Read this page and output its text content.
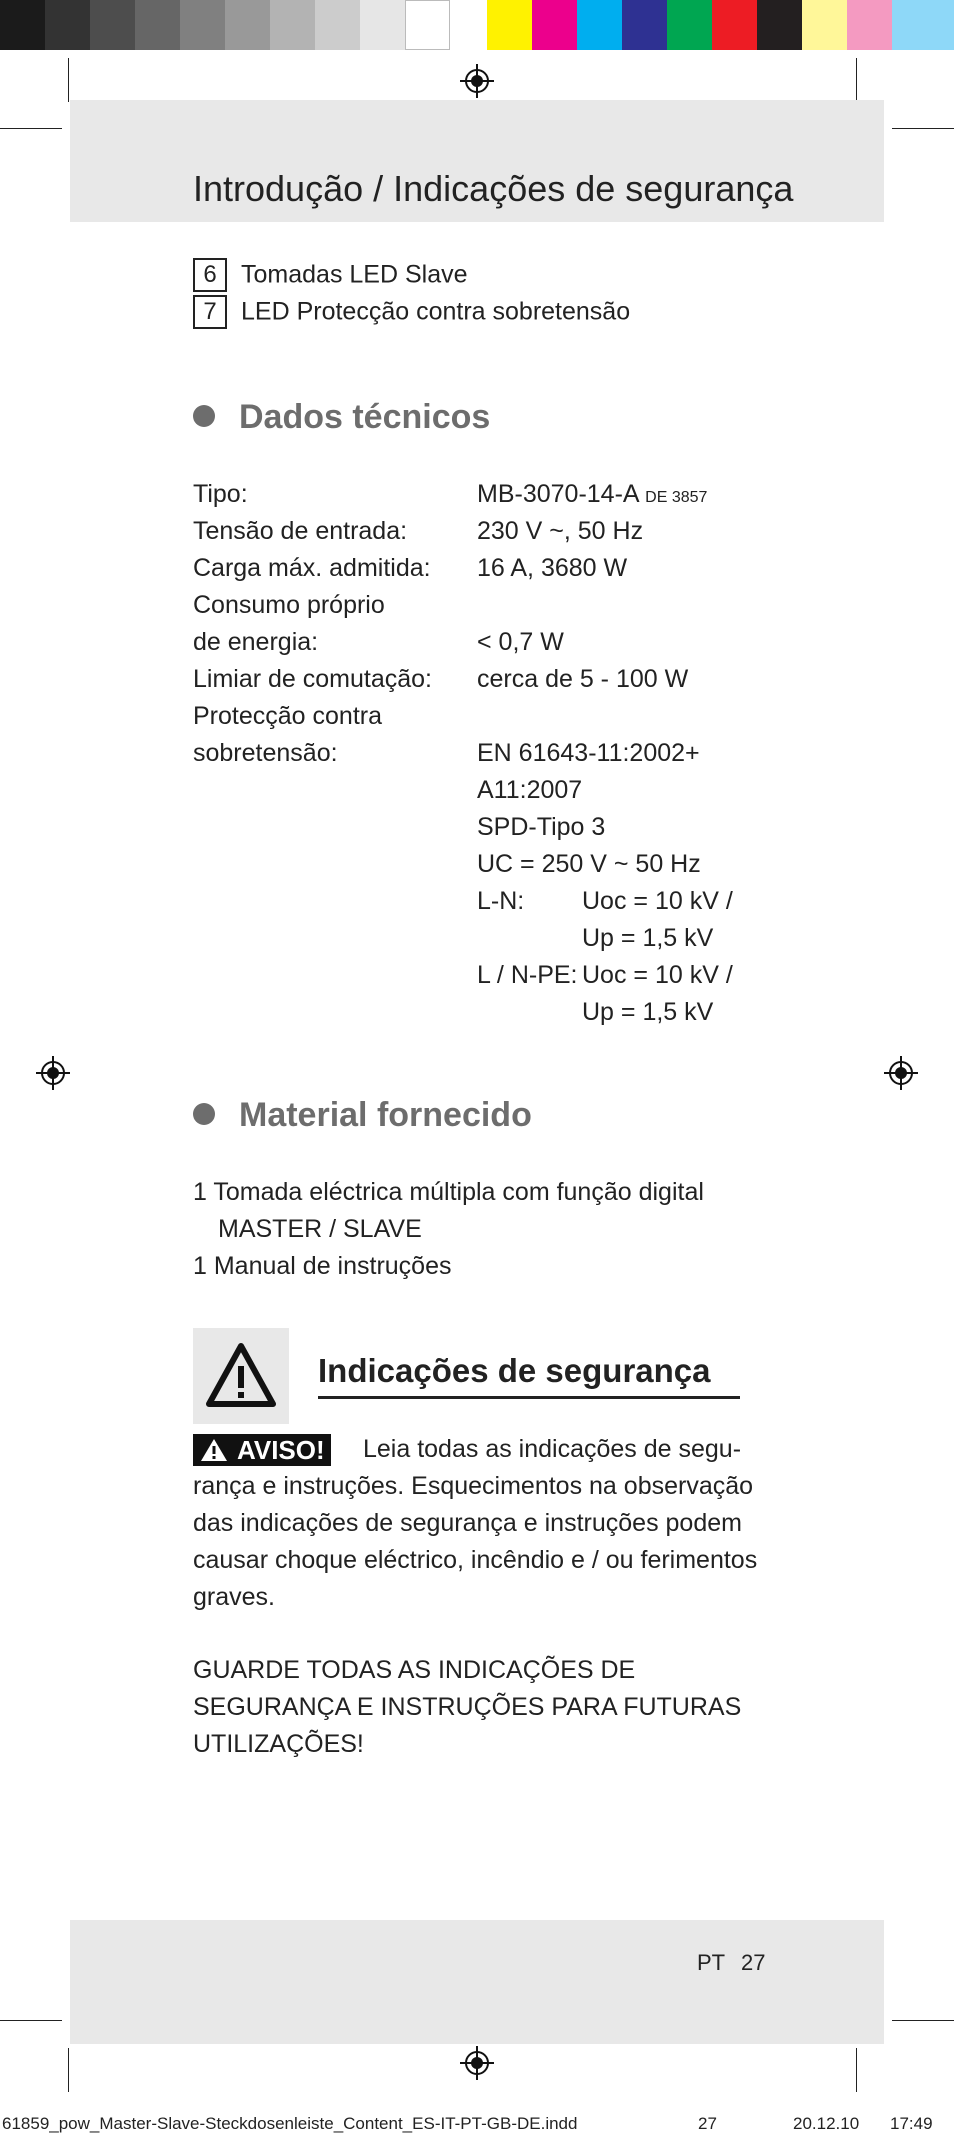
Introdução / Indicações de segurança
6 Tomadas LED Slave
7 LED Protecção contra sobretensão
Dados técnicos
Tipo:	MB-3070-14-A DE 3857
Tensão de entrada:	230 V ~, 50 Hz
Carga máx. admitida: 16 A, 3680 W
Consumo próprio
de energia:	< 0,7 W
Limiar de comutação: cerca de 5 - 100 W
Protecção contra
sobretensão:	EN 61643-11:2002+
A11:2007
SPD-Tipo 3
UC = 250 V ~ 50 Hz
L-N: Uoc = 10 kV /
Up = 1,5 kV
L / N-PE: Uoc = 10 kV /
Up = 1,5 kV
Material fornecido
1 Tomada eléctrica múltipla com função digital
MASTER / SLAVE
1 Manual de instruções
Indicações de segurança
AVISO! Leia todas as indicações de segu-
rança e instruções. Esquecimentos na observação
das indicações de segurança e instruções podem
causar choque eléctrico, incêndio e / ou ferimentos
graves.
GUARDE TODAS AS INDICAÇÕES DE
SEGURANÇA E INSTRUÇÕES PARA FUTURAS
UTILIZAÇÕES!
PT 27
61859_pow_Master-Slave-Steckdosenleiste_Content_ES-IT-PT-GB-DE.indd	27	20.12.10 17:49
